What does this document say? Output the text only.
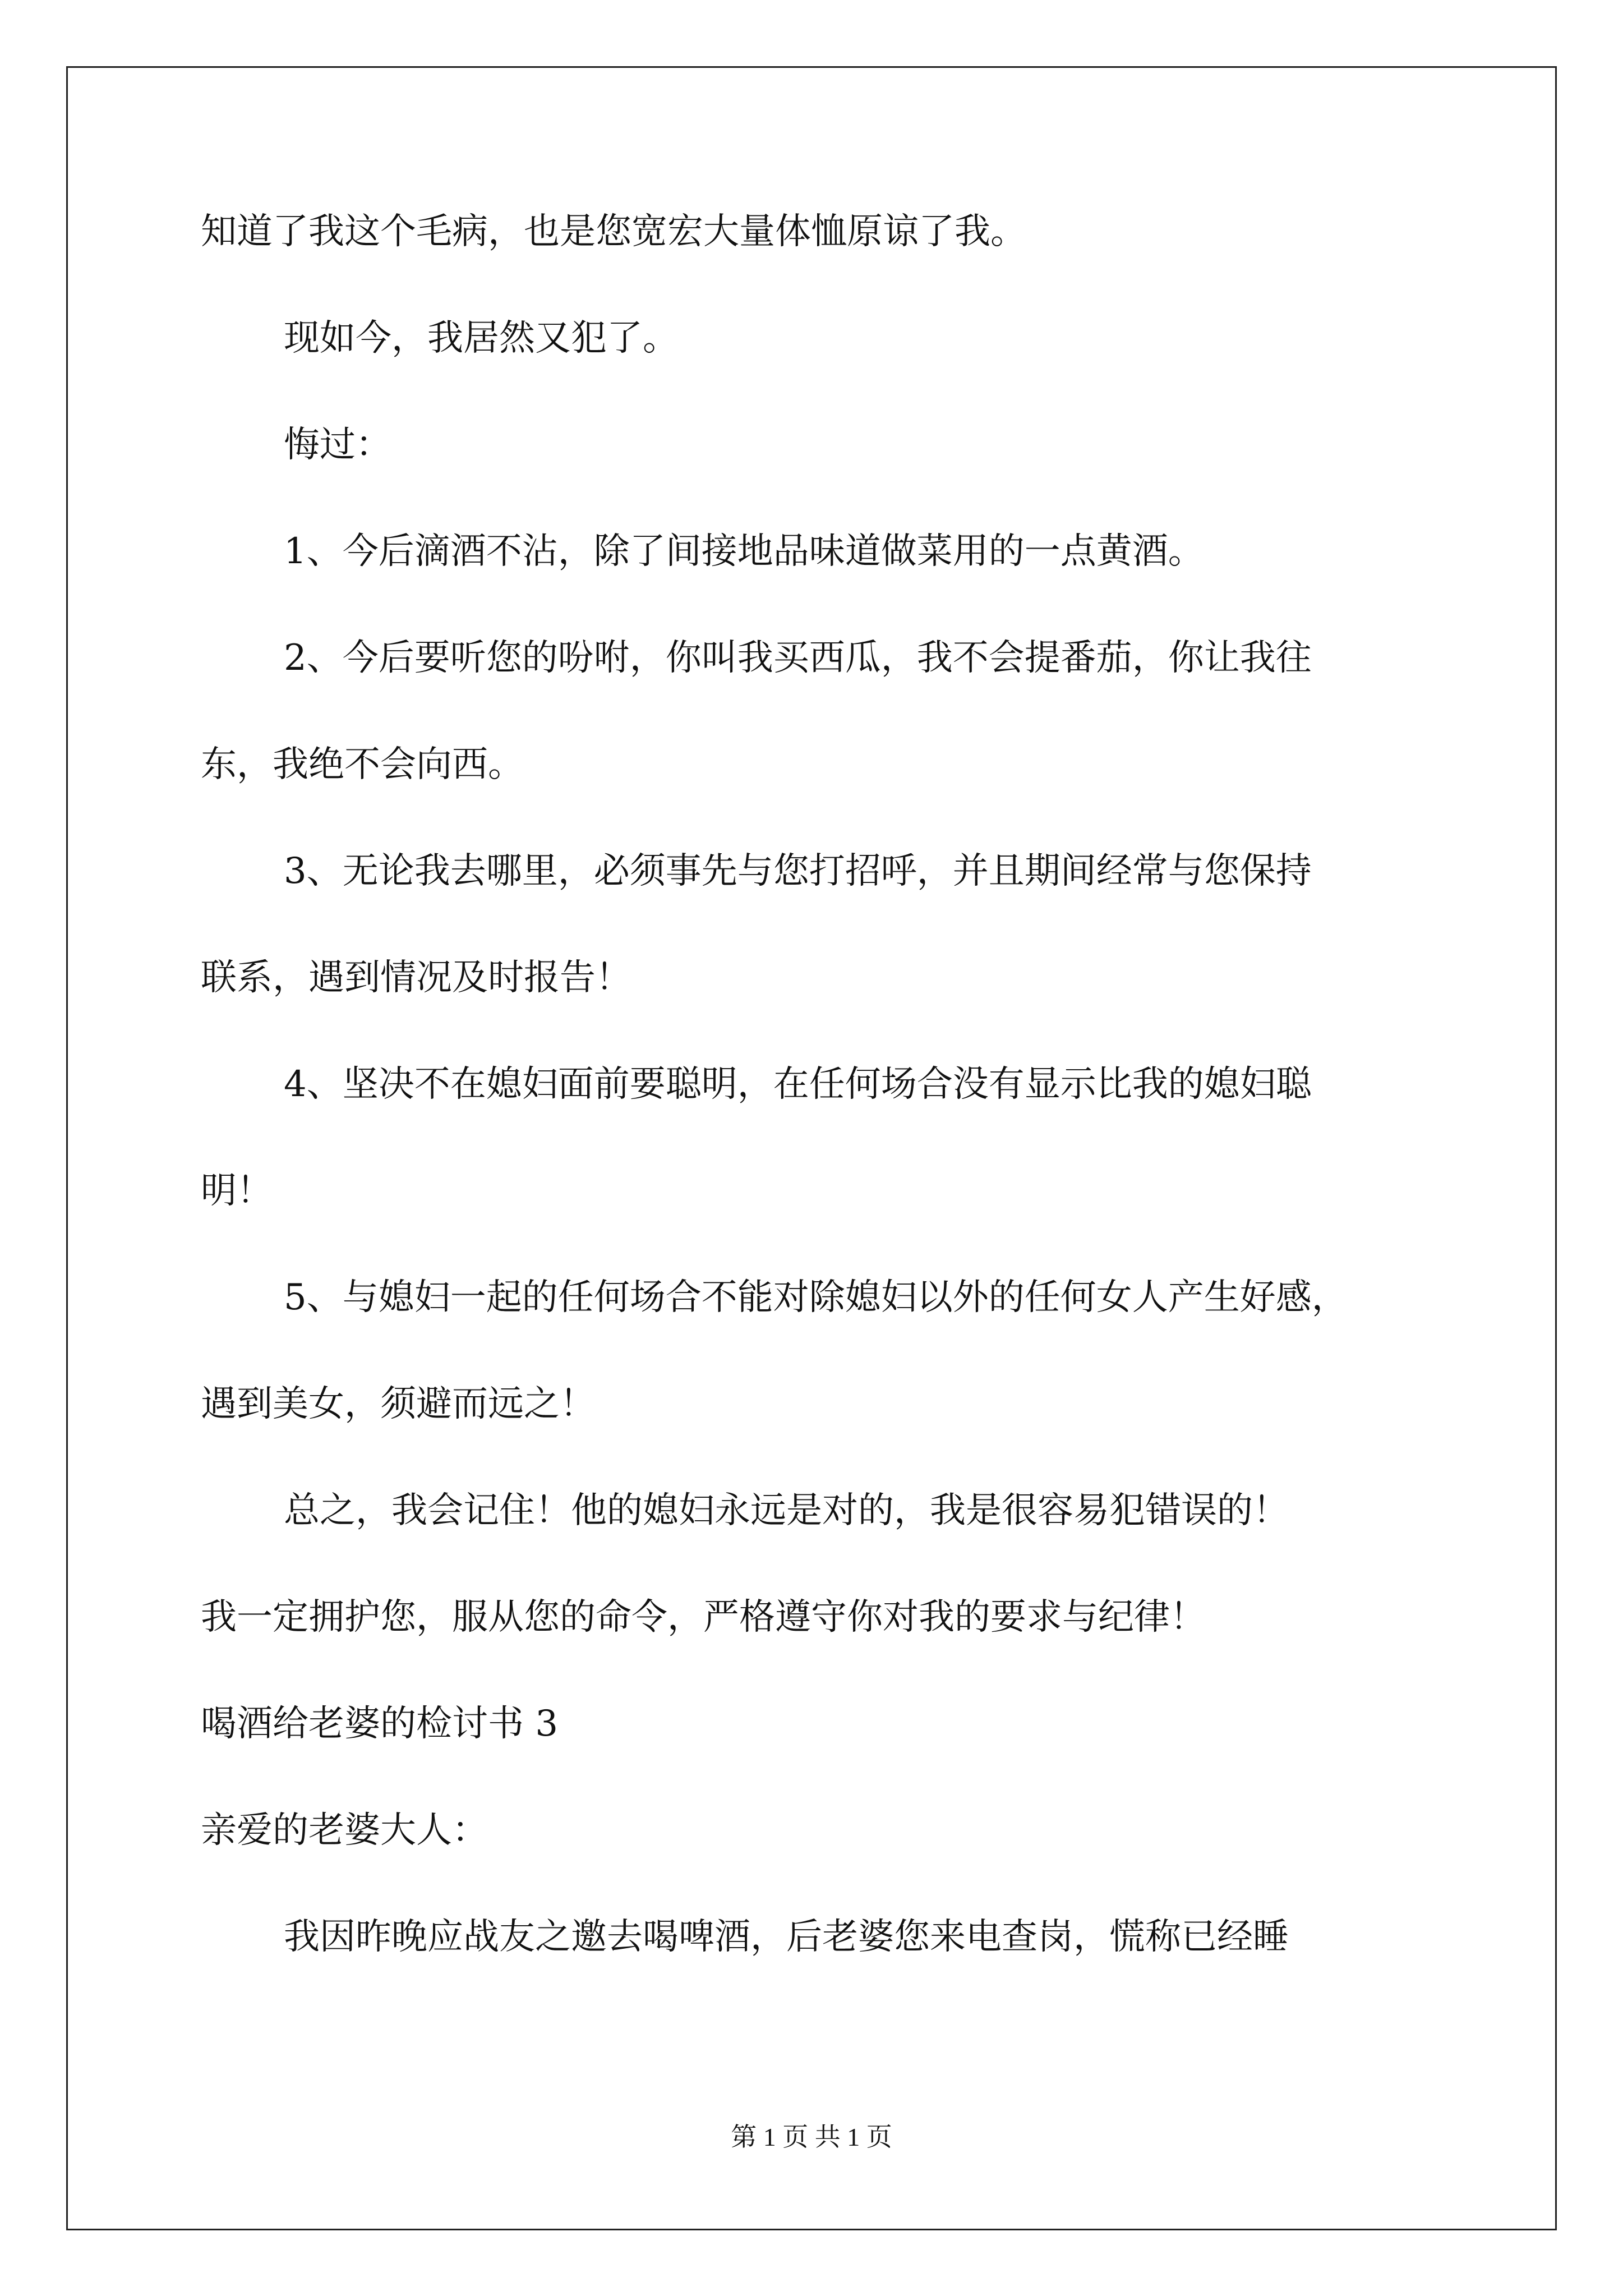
知道了我这个毛病，也是您宽宏大量体恤原谅了我。
现如今，我居然又犯了。
悔过：
1、今后滴酒不沾，除了间接地品味道做菜用的一点黄酒。
2、今后要听您的吩咐，你叫我买西瓜，我不会提番茄，你让我往
东，我绝不会向西。
3、无论我去哪里，必须事先与您打招呼，并且期间经常与您保持
联系，遇到情况及时报告！
4、坚决不在媳妇面前要聪明，在任何场合没有显示比我的媳妇聪
明！
5、与媳妇一起的任何场合不能对除媳妇以外的任何女人产生好感，
遇到美女，须避而远之！
总之，我会记住！他的媳妇永远是对的，我是很容易犯错误的！
我一定拥护您，服从您的命令，严格遵守你对我的要求与纪律！
喝酒给老婆的检讨书 3
亲爱的老婆大人：
我因昨晚应战友之邀去喝啤酒，后老婆您来电查岗，慌称已经睡
第 1 页 共 1 页
